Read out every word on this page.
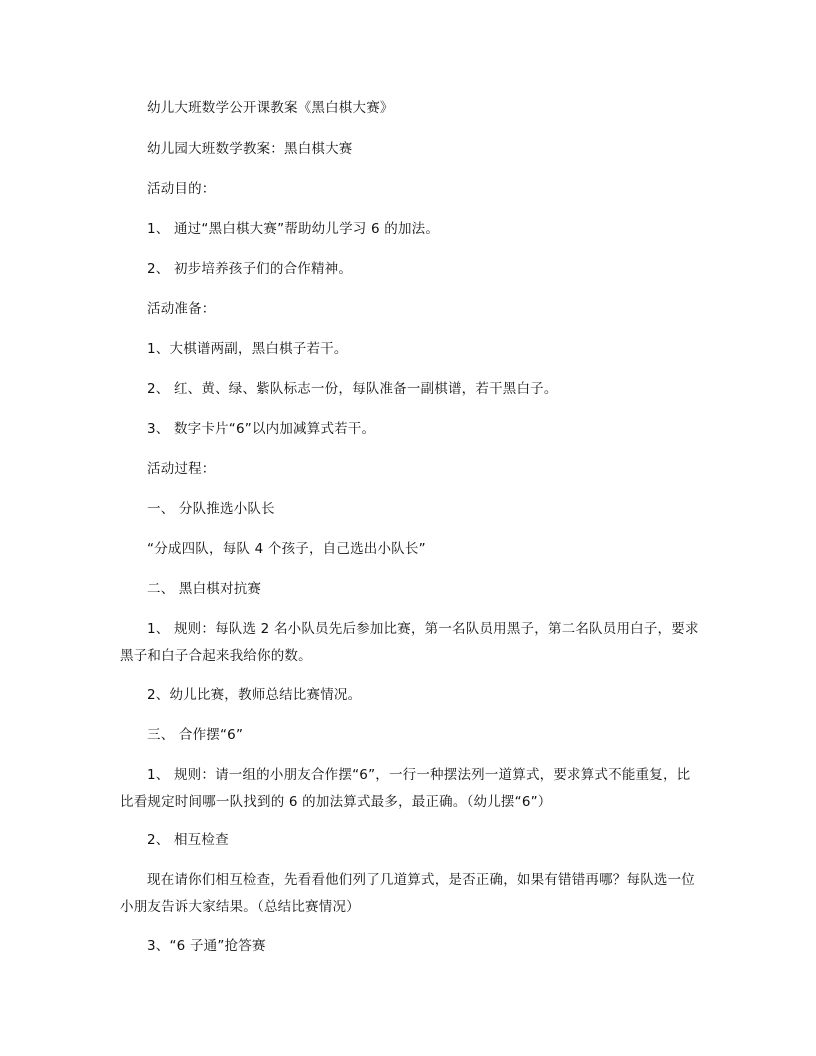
幼儿大班数学公开课教案《黑白棋大赛》
幼儿园大班数学教案：黑白棋大赛
活动目的：
1、 通过“黑白棋大赛”帮助幼儿学习 6 的加法。
2、 初步培养孩子们的合作精神。
活动准备：
1、大棋谱两副，黑白棋子若干。
2、 红、黄、绿、紫队标志一份，每队准备一副棋谱，若干黑白子。
3、 数字卡片“6”以内加减算式若干。
活动过程：
一、 分队推选小队长
“分成四队，每队 4 个孩子，自己选出小队长”
二、 黑白棋对抗赛
1、 规则：每队选 2 名小队员先后参加比赛，第一名队员用黑子，第二名队员用白子，要求黑子和白子合起来我给你的数。
2、幼儿比赛，教师总结比赛情况。
三、 合作摆“6”
1、 规则：请一组的小朋友合作摆“6”，一行一种摆法列一道算式，要求算式不能重复，比比看规定时间哪一队找到的 6 的加法算式最多，最正确。（幼儿摆“6”）
2、 相互检查
现在请你们相互检查，先看看他们列了几道算式，是否正确，如果有错错再哪？每队选一位小朋友告诉大家结果。（总结比赛情况）
3、“6 子通”抢答赛
